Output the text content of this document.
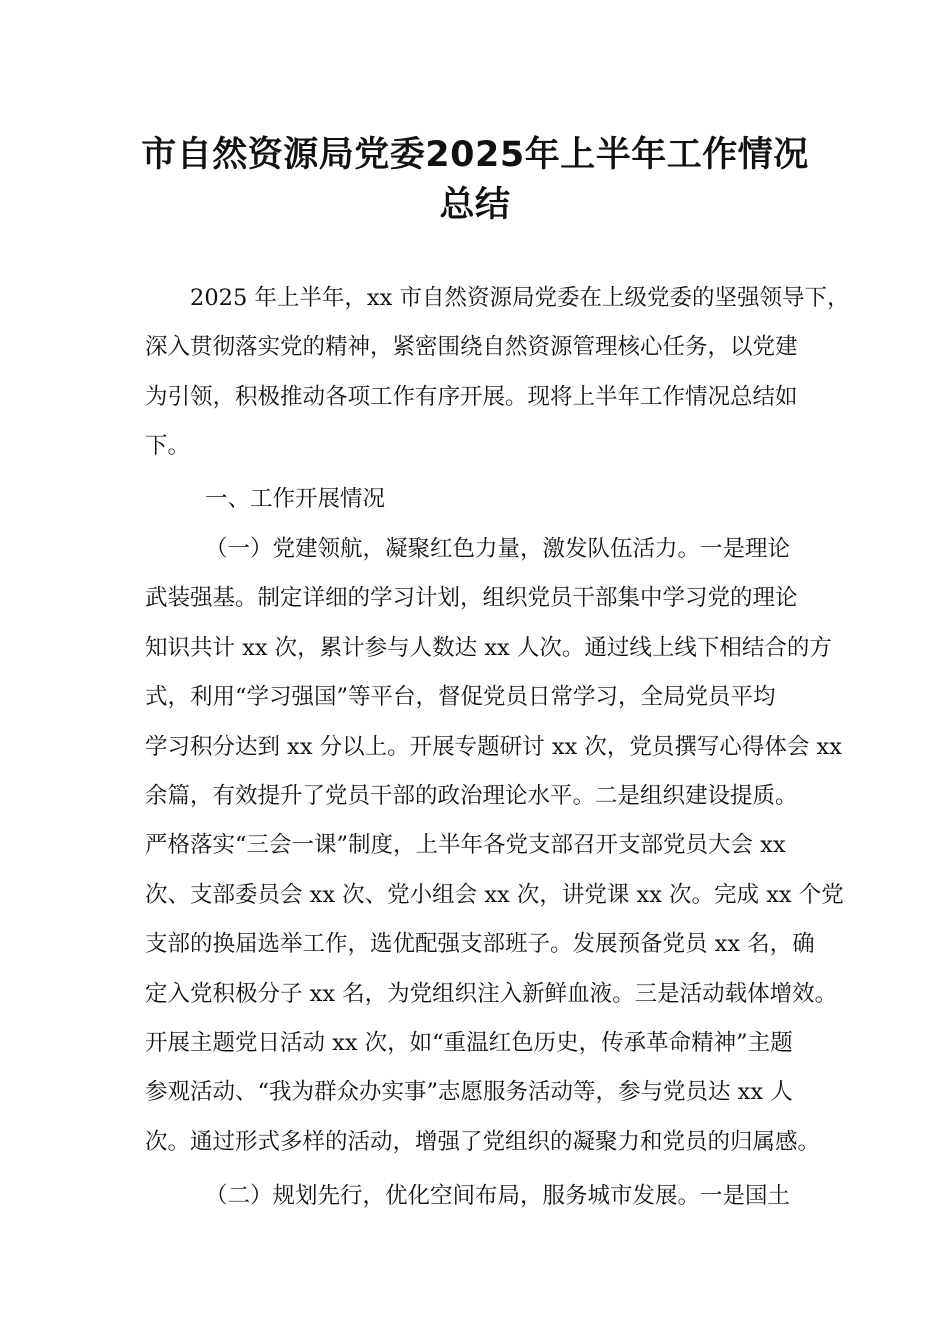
市自然资源局党委2025年上半年工作情况
总结
2025 年上半年，xx 市自然资源局党委在上级党委的坚强领导下，
深入贯彻落实党的精神，紧密围绕自然资源管理核心任务，以党建
为引领，积极推动各项工作有序开展。现将上半年工作情况总结如
下。
一、工作开展情况
（一）党建领航，凝聚红色力量，激发队伍活力。一是理论
武装强基。制定详细的学习计划，组织党员干部集中学习党的理论
知识共计 xx 次，累计参与人数达 xx 人次。通过线上线下相结合的方
式，利用“学习强国”等平台，督促党员日常学习，全局党员平均
学习积分达到 xx 分以上。开展专题研讨 xx 次，党员撰写心得体会 xx
余篇，有效提升了党员干部的政治理论水平。二是组织建设提质。
严格落实“三会一课”制度，上半年各党支部召开支部党员大会 xx
次、支部委员会 xx 次、党小组会 xx 次，讲党课 xx 次。完成 xx 个党
支部的换届选举工作，选优配强支部班子。发展预备党员 xx 名，确
定入党积极分子 xx 名，为党组织注入新鲜血液。三是活动载体增效。
开展主题党日活动 xx 次，如“重温红色历史，传承革命精神”主题
参观活动、“我为群众办实事”志愿服务活动等，参与党员达 xx 人
次。通过形式多样的活动，增强了党组织的凝聚力和党员的归属感。
（二）规划先行，优化空间布局，服务城市发展。一是国土
